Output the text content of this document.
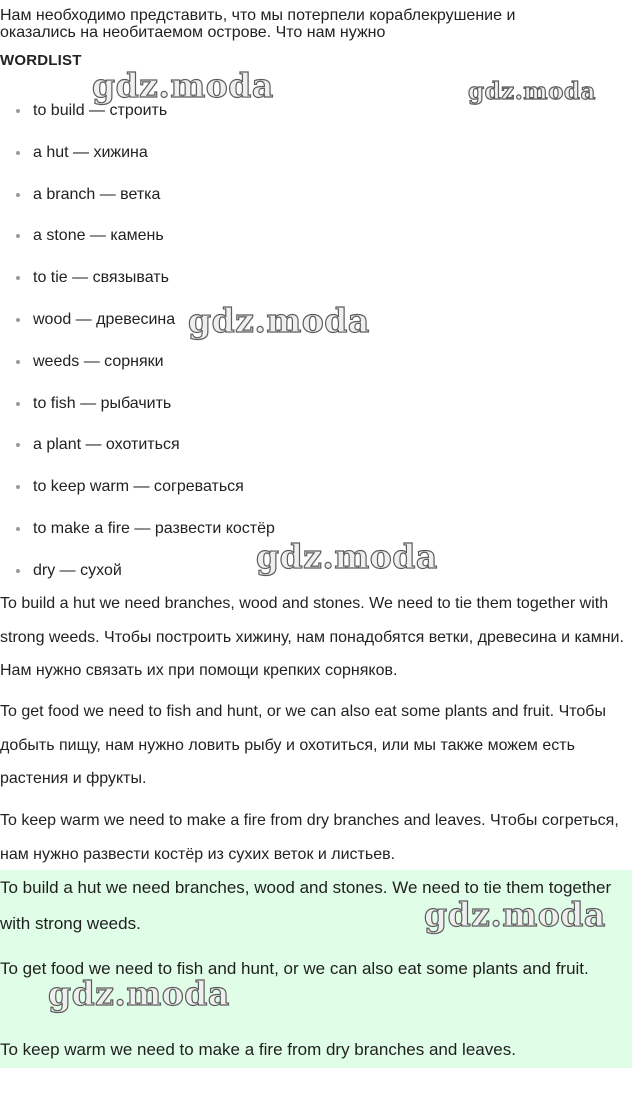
Нам необходимо представить, что мы потерпели кораблекрушение и
оказались на необитаемом острове. Что нам нужно
WORDLIST
to build — строить
a hut — хижина
a branch — ветка
a stone — камень
to tie — связывать
wood — древесина
weeds — сорняки
to fish — рыбачить
a plant — охотиться
to keep warm — согреваться
to make a fire — развести костёр
dry — сухой

To build a hut we need branches, wood and stones. We need to tie them together with strong weeds. Чтобы построить хижину, нам понадобятся ветки, древесина и камни. Нам нужно связать их при помощи крепких сорняков.

To get food we need to fish and hunt, or we can also eat some plants and fruit. Чтобы добыть пищу, нам нужно ловить рыбу и охотиться, или мы также можем есть растения и фрукты.

To keep warm we need to make a fire from dry branches and leaves. Чтобы согреться, нам нужно развести костёр из сухих веток и листьев.

To build a hut we need branches, wood and stones. We need to tie them together with strong weeds.

To get food we need to fish and hunt, or we can also eat some plants and fruit.

To keep warm we need to make a fire from dry branches and leaves.

gdz.moda	gdz.moda
gdz.moda
gdz.moda
gdz.moda
gdz.moda
